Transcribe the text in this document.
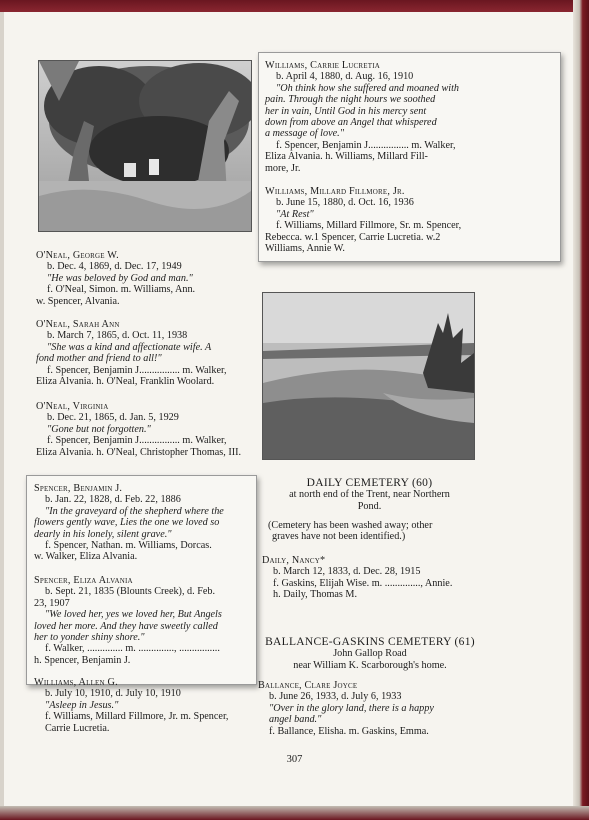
Williams, Carrie Lucretia
b. April 4, 1880, d. Aug. 16, 1910
"Oh think how she suffered and moaned with
pain. Through the night hours we soothed
her in vain, Until God in his mercy sent
down from above an Angel that whispered
a message of love."
f. Spencer, Benjamin J................ m. Walker,
Eliza Alvania. h. Williams, Millard Fill-
more, Jr.
Williams, Millard Fillmore, Jr.
b. June 15, 1880, d. Oct. 16, 1936
"At Rest"
f. Williams, Millard Fillmore, Sr. m. Spencer,
Rebecca. w.1 Spencer, Carrie Lucretia. w.2
Williams, Annie W.
O'Neal, George W.
b. Dec. 4, 1869, d. Dec. 17, 1949
"He was beloved by God and man."
f. O'Neal, Simon. m. Williams, Ann.
w. Spencer, Alvania.
O'Neal, Sarah Ann
b. March 7, 1865, d. Oct. 11, 1938
"She was a kind and affectionate wife. A
fond mother and friend to all!"
f. Spencer, Benjamin J................ m. Walker,
Eliza Alvania. h. O'Neal, Franklin Woolard.
O'Neal, Virginia
b. Dec. 21, 1865, d. Jan. 5, 1929
"Gone but not forgotten."
f. Spencer, Benjamin J................ m. Walker,
Eliza Alvania. h. O'Neal, Christopher Thomas, III.
Spencer, Benjamin J.
b. Jan. 22, 1828, d. Feb. 22, 1886
"In the graveyard of the shepherd where the
flowers gently wave, Lies the one we loved so
dearly in his lonely, silent grave."
f. Spencer, Nathan. m. Williams, Dorcas.
w. Walker, Eliza Alvania.
Spencer, Eliza Alvania
b. Sept. 21, 1835 (Blounts Creek), d. Feb.
23, 1907
"We loved her, yes we loved her, But Angels
loved her more. And they have sweetly called
her to yonder shiny shore."
f. Walker, .............. m. .............., ................
h. Spencer, Benjamin J.
Williams, Allen G.
b. July 10, 1910, d. July 10, 1910
"Asleep in Jesus."
f. Williams, Millard Fillmore, Jr. m. Spencer, Carrie Lucretia.
DAILY CEMETERY (60)
at north end of the Trent, near Northern
Pond.
(Cemetery has been washed away; other
graves have not been identified.)
Daily, Nancy*
b. March 12, 1833, d. Dec. 28, 1915
f. Gaskins, Elijah Wise. m. .............., Annie.
h. Daily, Thomas M.
BALLANCE-GASKINS CEMETERY (61)
John Gallop Road
near William K. Scarborough's home.
Ballance, Clare Joyce
b. June 26, 1933, d. July 6, 1933
"Over in the glory land, there is a happy
angel band."
f. Ballance, Elisha. m. Gaskins, Emma.
307
